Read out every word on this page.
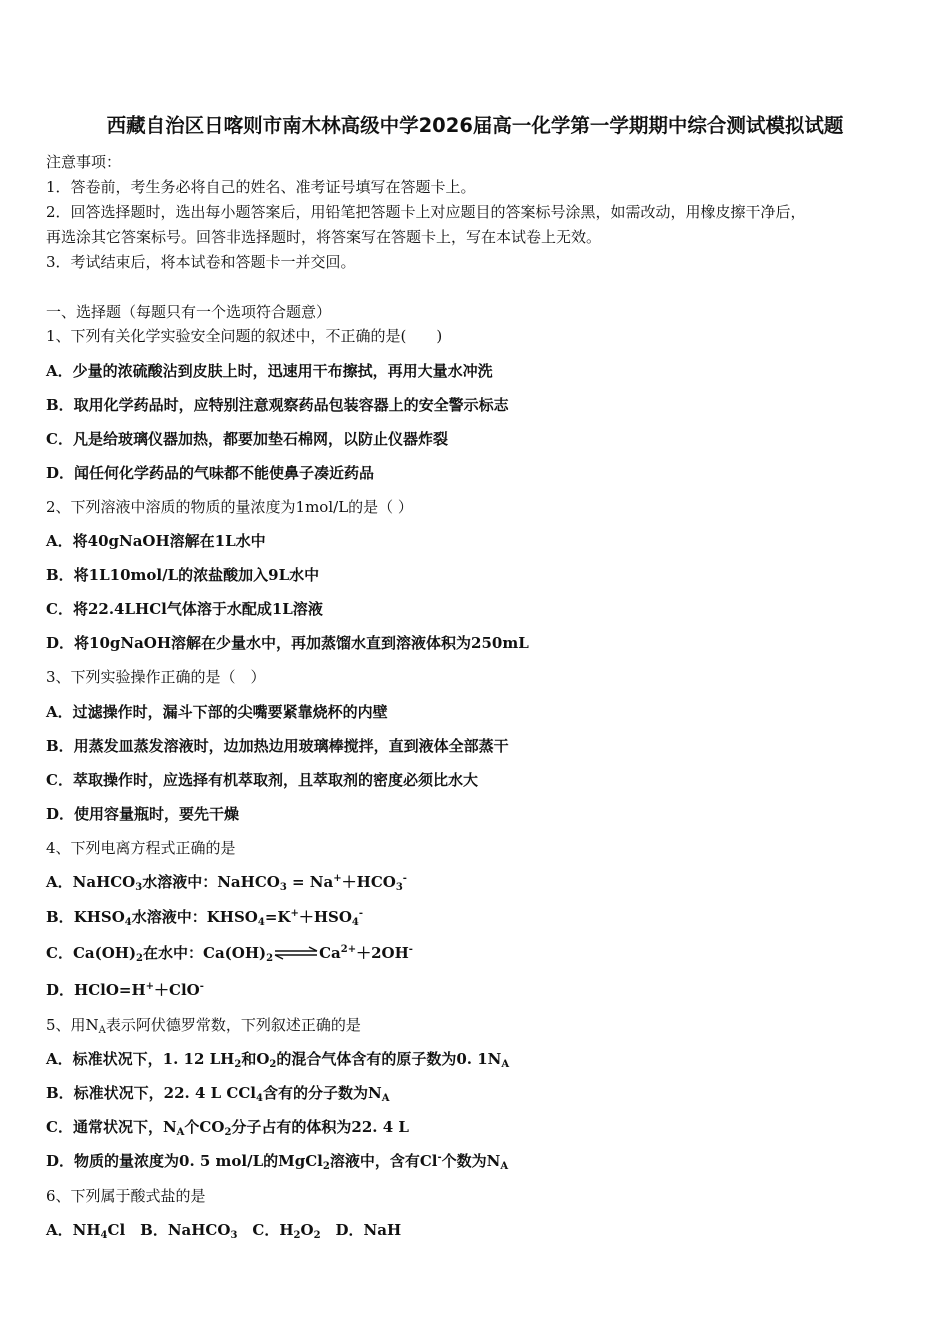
西藏自治区日喀则市南木林高级中学2026届高一化学第一学期期中综合测试模拟试题
注意事项：
1．答卷前，考生务必将自己的姓名、准考证号填写在答题卡上。
2．回答选择题时，选出每小题答案后，用铅笔把答题卡上对应题目的答案标号涂黑，如需改动，用橡皮擦干净后，
再选涂其它答案标号。回答非选择题时，将答案写在答题卡上，写在本试卷上无效。
3．考试结束后，将本试卷和答题卡一并交回。
一、选择题（每题只有一个选项符合题意）
1、下列有关化学实验安全问题的叙述中，不正确的是(　　)
A．少量的浓硫酸沾到皮肤上时，迅速用干布擦拭，再用大量水冲洗
B．取用化学药品时，应特别注意观察药品包装容器上的安全警示标志
C．凡是给玻璃仪器加热，都要加垫石棉网，以防止仪器炸裂
D．闻任何化学药品的气味都不能使鼻子凑近药品
2、下列溶液中溶质的物质的量浓度为1mol/L的是（ ）
A．将40gNaOH溶解在1L水中
B．将1L10mol/L的浓盐酸加入9L水中
C．将22.4LHCl气体溶于水配成1L溶液
D．将10gNaOH溶解在少量水中，再加蒸馏水直到溶液体积为250mL
3、下列实验操作正确的是（　）
A．过滤操作时，漏斗下部的尖嘴要紧靠烧杯的内壁
B．用蒸发皿蒸发溶液时，边加热边用玻璃棒搅拌，直到液体全部蒸干
C．萃取操作时，应选择有机萃取剂，且萃取剂的密度必须比水大
D．使用容量瓶时，要先干燥
4、下列电离方程式正确的是
A．NaHCO$_3$水溶液中：NaHCO$_3$ = $Na^++HCO_3^-$
B．$KHSO_4$水溶液中：$KHSO_4=K^++HSO_4^-$
C．$Ca(OH)_2$在水中：$Ca(OH)_2\rightleftharpoons Ca^{2+}+2OH^-$
D．HClO=H+＋ClO-
5、用$N_A$表示阿伏德罗常数，下列叙述正确的是
A．标准状况下，1. 12 $LH_2$和$O_2$的混合气体含有的原子数为0. $1N_A$
B．标准状况下，22. 4 L CCl$_4$含有的分子数为$N_A$
C．通常状况下，$N_A$个$CO_2$分子占有的体积为22. 4 L
D．物质的量浓度为0. 5 mol/L的MgCl$_2$溶液中，含有Cl-个数为$N_A$
6、下列属于酸式盐的是
A．$NH_4Cl$　B．NaHCO$_3$　C．$H_2O_2$　D．NaH
